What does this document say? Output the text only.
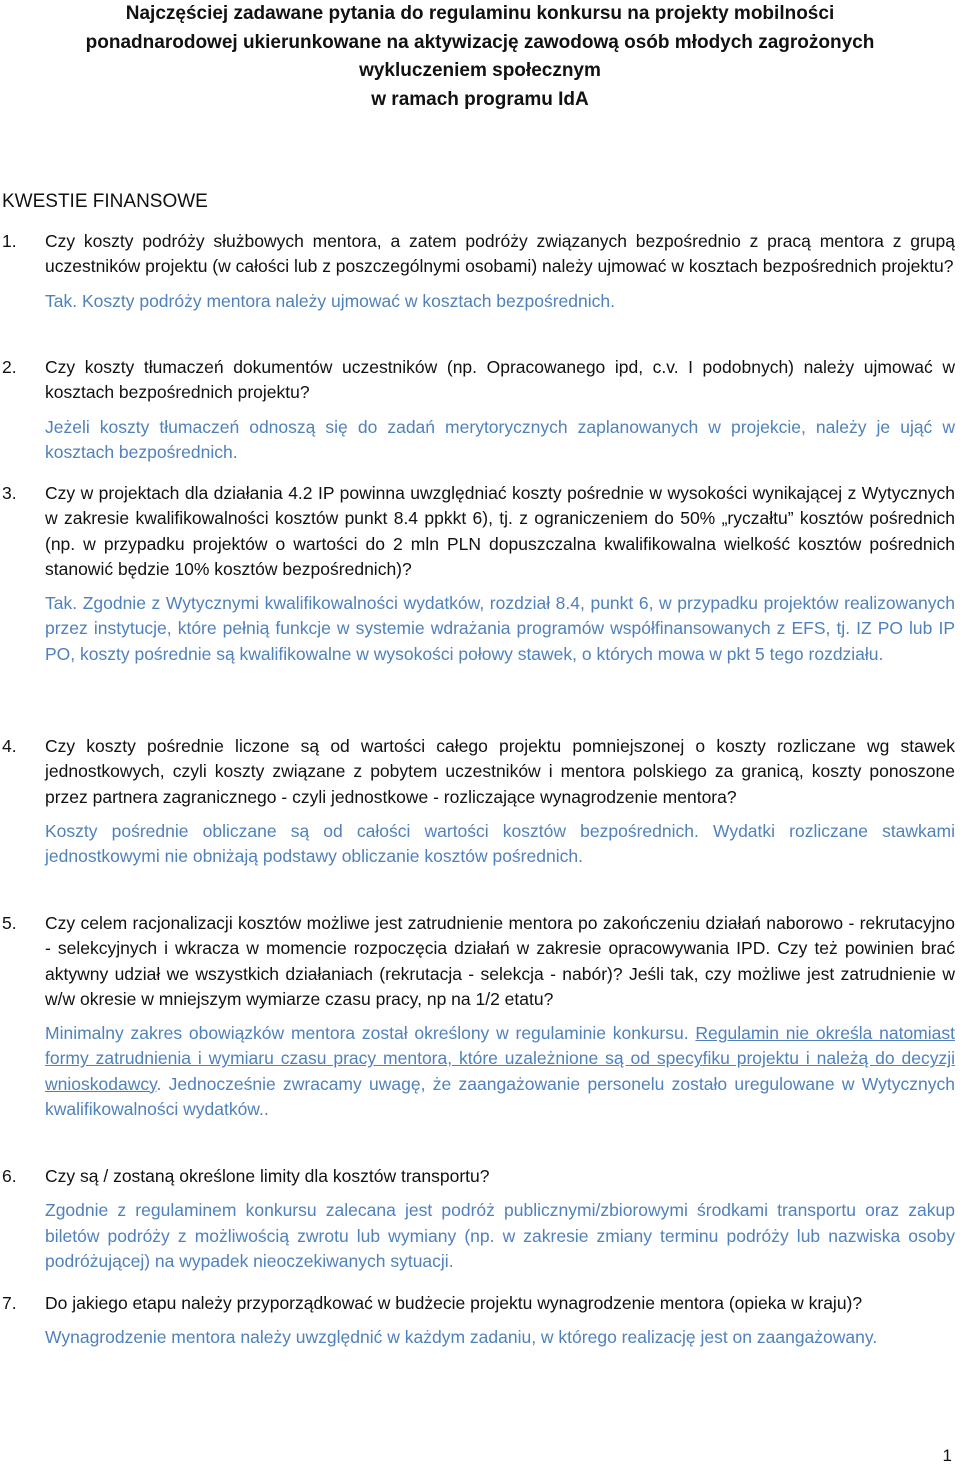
Najczęściej zadawane pytania do regulaminu konkursu na projekty mobilności
ponadnarodowej ukierunkowane na aktywizację zawodową osób młodych zagrożonych
wykluczeniem społecznym
w ramach programu IdA
KWESTIE FINANSOWE
1. Czy koszty podróży służbowych mentora, a zatem podróży związanych bezpośrednio z pracą mentora z grupą uczestników projektu (w całości lub z poszczególnymi osobami) należy ujmować w kosztach bezpośrednich projektu?
Tak. Koszty podróży mentora należy ujmować w kosztach bezpośrednich.
2. Czy koszty tłumaczeń dokumentów uczestników (np. Opracowanego ipd, c.v. I podobnych) należy ujmować w kosztach bezpośrednich projektu?
Jeżeli koszty tłumaczeń odnoszą się do zadań merytorycznych zaplanowanych w projekcie, należy je ująć w kosztach bezpośrednich.
3. Czy w projektach dla działania 4.2 IP powinna uwzględniać koszty pośrednie w wysokości wynikającej z Wytycznych w zakresie kwalifikowalności kosztów punkt 8.4 ppkkt 6), tj. z ograniczeniem do 50% „ryczałtu” kosztów pośrednich (np. w przypadku projektów o wartości do 2 mln PLN dopuszczalna kwalifikowalna wielkość kosztów pośrednich stanowić będzie 10% kosztów bezpośrednich)?
Tak. Zgodnie z Wytycznymi kwalifikowalności wydatków, rozdział 8.4, punkt 6, w przypadku projektów realizowanych przez instytucje, które pełnią funkcje w systemie wdrażania programów współfinansowanych z EFS, tj. IZ PO lub IP PO, koszty pośrednie są kwalifikowalne w wysokości połowy stawek, o których mowa w pkt 5 tego rozdziału.
4. Czy koszty pośrednie liczone są od wartości całego projektu pomniejszonej o koszty rozliczane wg stawek jednostkowych, czyli koszty związane z pobytem uczestników i mentora polskiego za granicą, koszty ponoszone przez partnera zagranicznego - czyli jednostkowe - rozliczające wynagrodzenie mentora?
Koszty pośrednie obliczane są od całości wartości kosztów bezpośrednich. Wydatki rozliczane stawkami jednostkowymi nie obniżają podstawy obliczanie kosztów pośrednich.
5. Czy celem racjonalizacji kosztów możliwe jest zatrudnienie mentora po zakończeniu działań naborowo - rekrutacyjno - selekcyjnych i wkracza w momencie rozpoczęcia działań w zakresie opracowywania IPD. Czy też powinien brać aktywny udział we wszystkich działaniach (rekrutacja - selekcja - nabór)? Jeśli tak, czy możliwe jest zatrudnienie w w/w okresie w mniejszym wymiarze czasu pracy, np na 1/2 etatu?
Minimalny zakres obowiązków mentora został określony w regulaminie konkursu. Regulamin nie określa natomiast formy zatrudnienia i wymiaru czasu pracy mentora, które uzależnione są od specyfiku projektu i należą do decyzji wnioskodawcy. Jednocześnie zwracamy uwagę, że zaangażowanie personelu zostało uregulowane w Wytycznych kwalifikowalności wydatków..
6. Czy są / zostaną określone limity dla kosztów transportu?
Zgodnie z regulaminem konkursu zalecana jest podróż publicznymi/zbiorowymi środkami transportu oraz zakup biletów podróży z możliwością zwrotu lub wymiany (np. w zakresie zmiany terminu podróży lub nazwiska osoby podróżującej) na wypadek nieoczekiwanych sytuacji.
7. Do jakiego etapu należy przyporządkować w budżecie projektu wynagrodzenie mentora (opieka w kraju)?
Wynagrodzenie mentora należy uwzględnić w każdym zadaniu, w którego realizację jest on zaangażowany.
1
